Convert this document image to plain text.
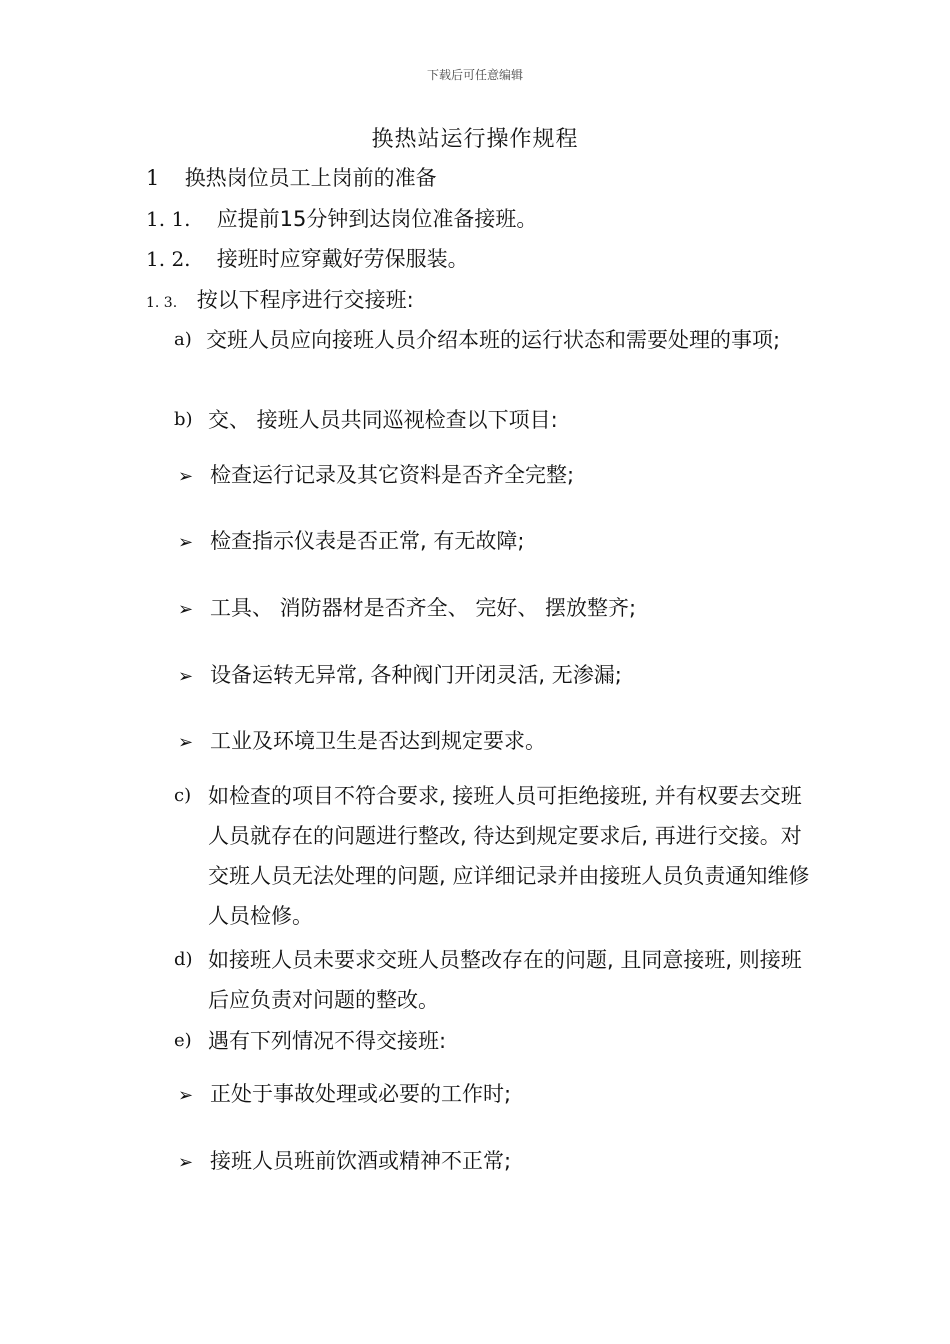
下载后可任意编辑
换热站运行操作规程
1 换热岗位员工上岗前的准备
1. 1. 应提前15分钟到达岗位准备接班。
1. 2. 接班时应穿戴好劳保服装。
1. 3. 按以下程序进行交接班:
a) 交班人员应向接班人员介绍本班的运行状态和需要处理的事项;
b) 交、 接班人员共同巡视检查以下项目:
➢ 检查运行记录及其它资料是否齐全完整;
➢ 检查指示仪表是否正常, 有无故障;
➢ 工具、 消防器材是否齐全、 完好、 摆放整齐;
➢ 设备运转无异常, 各种阀门开闭灵活, 无渗漏;
➢ 工业及环境卫生是否达到规定要求。
c) 如检查的项目不符合要求, 接班人员可拒绝接班, 并有权要去交班人员就存在的问题进行整改, 待达到规定要求后, 再进行交接。对交班人员无法处理的问题, 应详细记录并由接班人员负责通知维修人员检修。
d) 如接班人员未要求交班人员整改存在的问题, 且同意接班, 则接班后应负责对问题的整改。
e) 遇有下列情况不得交接班:
➢ 正处于事故处理或必要的工作时;
➢ 接班人员班前饮酒或精神不正常;
